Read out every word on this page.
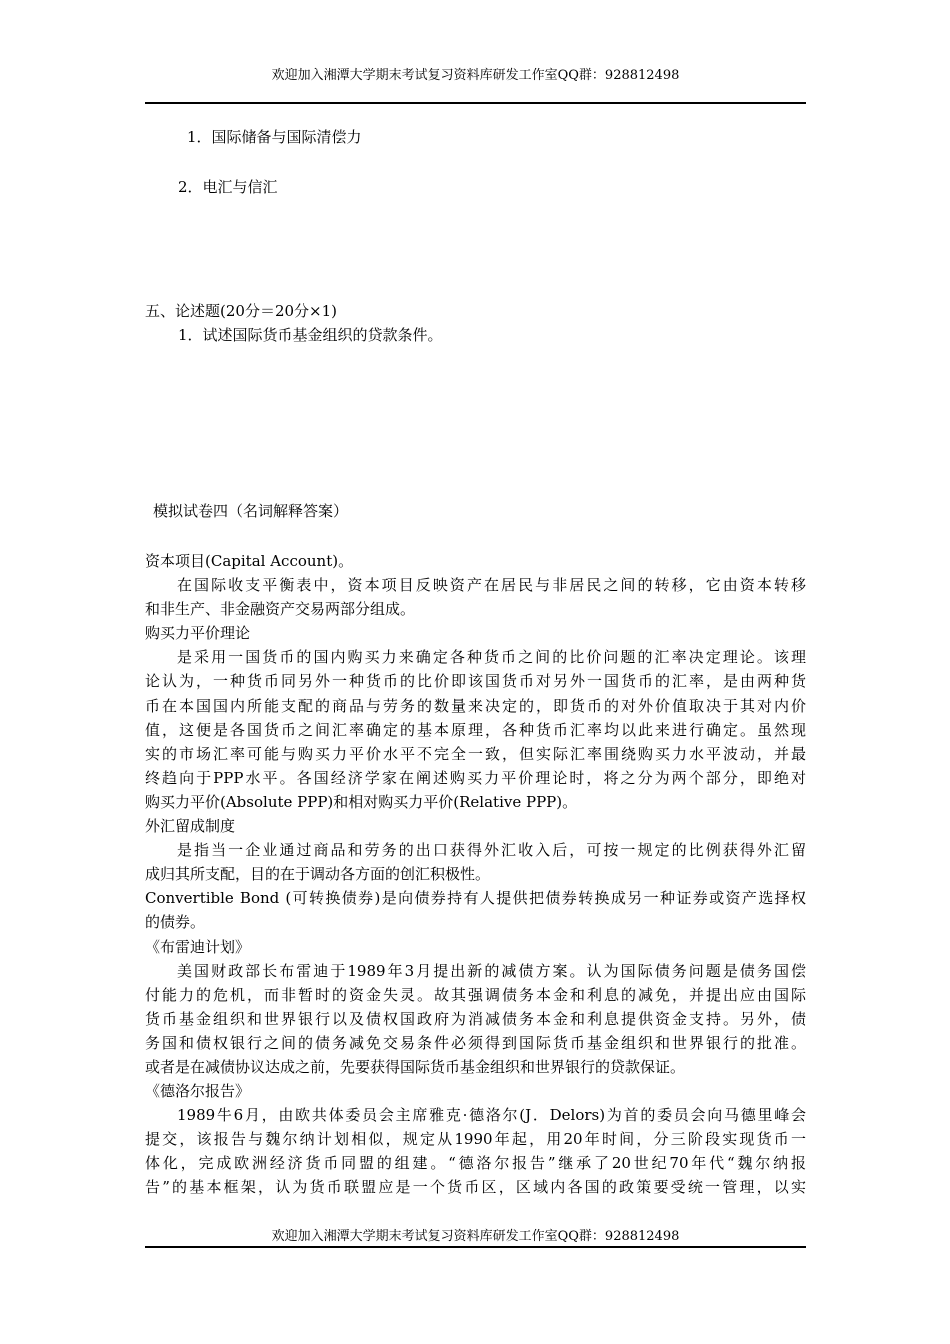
欢迎加入湘潭大学期末考试复习资料库研发工作室QQ群：928812498
1．国际储备与国际清偿力
2．电汇与信汇
五、论述题(20分＝20分×1)
1．试述国际货币基金组织的贷款条件。
模拟试卷四（名词解释答案）
资本项目(Capital Account)。
在国际收支平衡表中，资本项目反映资产在居民与非居民之间的转移，它由资本转移
和非生产、非金融资产交易两部分组成。
购买力平价理论
是采用一国货币的国内购买力来确定各种货币之间的比价问题的汇率决定理论。该理
论认为，一种货币同另外一种货币的比价即该国货币对另外一国货币的汇率，是由两种货
币在本国国内所能支配的商品与劳务的数量来决定的，即货币的对外价值取决于其对内价
值，这便是各国货币之间汇率确定的基本原理，各种货币汇率均以此来进行确定。虽然现
实的市场汇率可能与购买力平价水平不完全一致，但实际汇率围绕购买力水平波动，并最
终趋向于PPP水平。各国经济学家在阐述购买力平价理论时，将之分为两个部分，即绝对
购买力平价(Absolute PPP)和相对购买力平价(Relative PPP)。
外汇留成制度
是指当一企业通过商品和劳务的出口获得外汇收入后，可按一规定的比例获得外汇留
成归其所支配，目的在于调动各方面的创汇积极性。
Convertible Bond (可转换债券)是向债券持有人提供把债券转换成另一种证券或资产选择权
的债券。
《布雷迪计划》
美国财政部长布雷迪于1989年3月提出新的减债方案。认为国际债务问题是债务国偿
付能力的危机，而非暂时的资金失灵。故其强调债务本金和利息的减免，并提出应由国际
货币基金组织和世界银行以及债权国政府为消减债务本金和利息提供资金支持。另外，债
务国和债权银行之间的债务减免交易条件必须得到国际货币基金组织和世界银行的批准。
或者是在减债协议达成之前，先要获得国际货币基金组织和世界银行的贷款保证。
《德洛尔报告》
1989牛6月，由欧共体委员会主席雅克·德洛尔(J．Delors)为首的委员会向马德里峰会
提交，该报告与魏尔纳计划相似，规定从1990年起，用20年时间，分三阶段实现货币一
体化，完成欧洲经济货币同盟的组建。“德洛尔报告”继承了20世纪70年代“魏尔纳报
告”的基本框架，认为货币联盟应是一个货币区，区域内各国的政策要受统一管理，以实
欢迎加入湘潭大学期末考试复习资料库研发工作室QQ群：928812498
